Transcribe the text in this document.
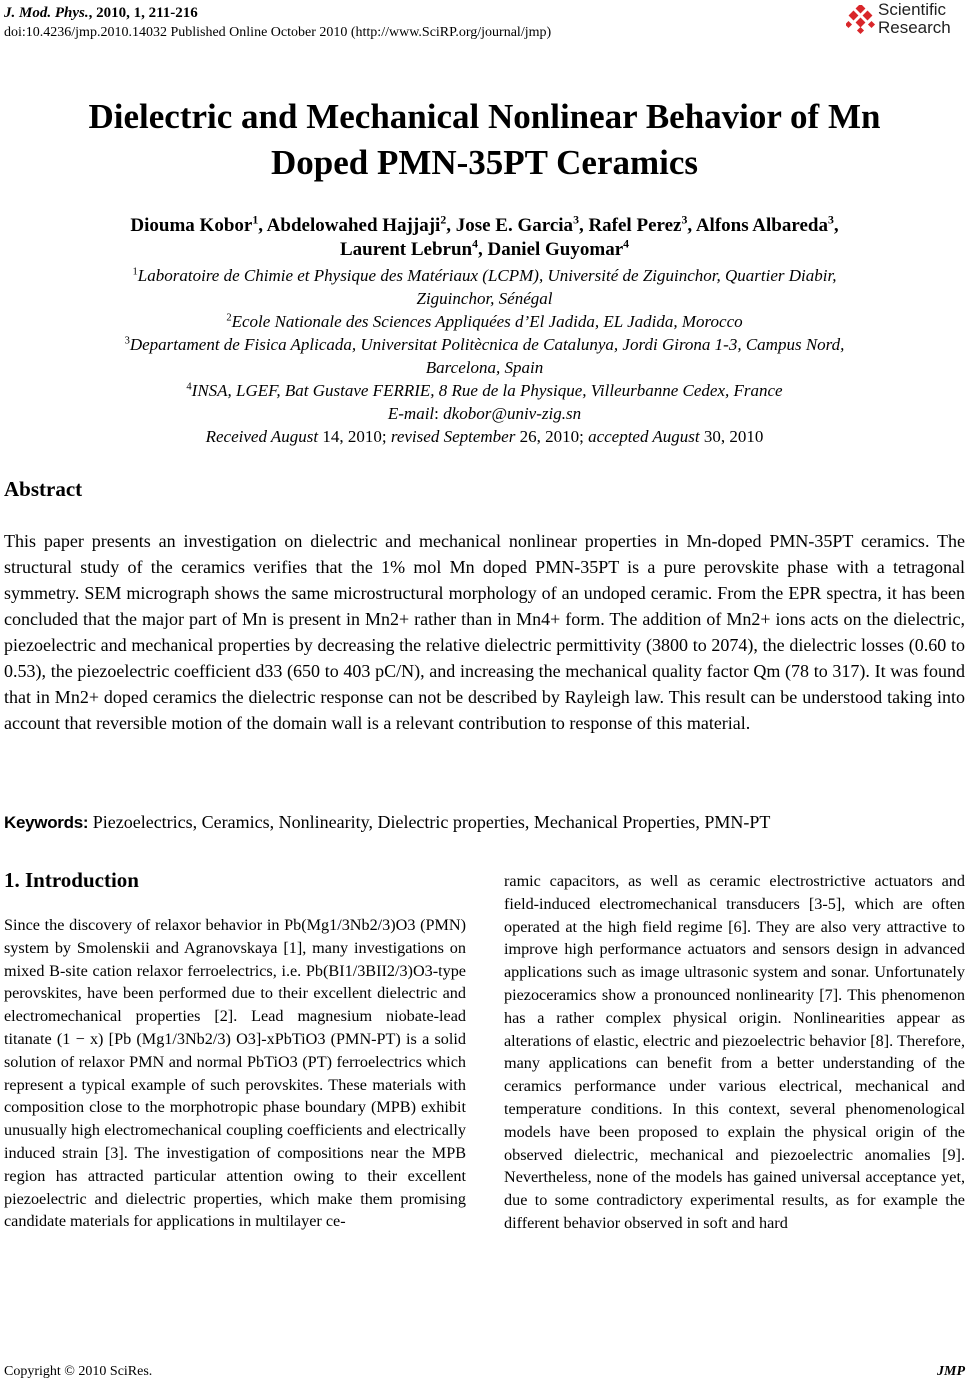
J. Mod. Phys., 2010, 1, 211-216
doi:10.4236/jmp.2010.14032 Published Online October 2010 (http://www.SciRP.org/journal/jmp)
Scientific
Research
Dielectric and Mechanical Nonlinear Behavior of Mn
Doped PMN-35PT Ceramics
Diouma Kobor$^1$, Abdelowahed Hajjaji$^2$, Jose E. Garcia$^3$, Rafel Perez$^3$, Alfons Albareda$^3$,
Laurent Lebrun$^4$, Daniel Guyomar$^4$
$^1$Laboratoire de Chimie et Physique des Matériaux (LCPM), Université de Ziguinchor, Quartier Diabir,
Ziguinchor, Sénégal
$^2$Ecole Nationale des Sciences Appliquées d’El Jadida, EL Jadida, Morocco
$^3$Departament de Fisica Aplicada, Universitat Politècnica de Catalunya, Jordi Girona 1-3, Campus Nord,
Barcelona, Spain
$^4$INSA, LGEF, Bat Gustave FERRIE, 8 Rue de la Physique, Villeurbanne Cedex, France
E-mail: dkobor@univ-zig.sn
Received August 14, 2010; revised September 26, 2010; accepted August 30, 2010
Abstract
This paper presents an investigation on dielectric and mechanical nonlinear properties in Mn-doped PMN-35PT ceramics. The structural study of the ceramics verifies that the 1% mol Mn doped PMN-35PT is a pure perovskite phase with a tetragonal symmetry. SEM micrograph shows the same microstructural morphology of an undoped ceramic. From the EPR spectra, it has been concluded that the major part of Mn is present in Mn2+ rather than in Mn4+ form. The addition of Mn2+ ions acts on the dielectric, piezoelectric and mechanical properties by decreasing the relative dielectric permittivity (3800 to 2074), the dielectric losses (0.60 to 0.53), the piezoelectric coefficient d33 (650 to 403 pC/N), and increasing the mechanical quality factor Qm (78 to 317). It was found that in Mn2+ doped ceramics the dielectric response can not be described by Rayleigh law. This result can be understood taking into account that reversible motion of the domain wall is a relevant contribution to response of this material.
Keywords: Piezoelectrics, Ceramics, Nonlinearity, Dielectric properties, Mechanical Properties, PMN-PT
1. Introduction

Since the discovery of relaxor behavior in Pb(Mg1/3Nb2/3)O3 (PMN) system by Smolenskii and Agranovskaya [1], many investigations on mixed B-site cation relaxor ferroelectrics, i.e. Pb(BI1/3BII2/3)O3-type perovskites, have been performed due to their excellent dielectric and electromechanical properties [2]. Lead magnesium niobate-lead titanate (1 − x) [Pb (Mg1/3Nb2/3) O3]-xPbTiO3 (PMN-PT) is a solid solution of relaxor PMN and normal PbTiO3 (PT) ferroelectrics which represent a typical example of such perovskites. These materials with composition close to the morphotropic phase boundary (MPB) exhibit unusually high electromechanical coupling coefficients and electrically induced strain [3]. The investigation of compositions near the MPB region has attracted particular attention owing to their excellent piezoelectric and dielectric properties, which make them promising candidate materials for applications in multilayer ce-

ramic capacitors, as well as ceramic electrostrictive actuators and field-induced electromechanical transducers [3-5], which are often operated at the high field regime [6]. They are also very attractive to improve high performance actuators and sensors design in advanced applications such as image ultrasonic system and sonar. Unfortunately piezoceramics show a pronounced nonlinearity [7]. This phenomenon has a rather complex physical origin. Nonlinearities appear as alterations of elastic, electric and piezoelectric behavior [8]. Therefore, many applications can benefit from a better understanding of the ceramics performance under various electrical, mechanical and temperature conditions. In this context, several phenomenological models have been proposed to explain the physical origin of the observed dielectric, mechanical and piezoelectric anomalies [9]. Nevertheless, none of the models has gained universal acceptance yet, due to some contradictory experimental results, as for example the different behavior observed in soft and hard

Copyright © 2010 SciRes.	JMP
